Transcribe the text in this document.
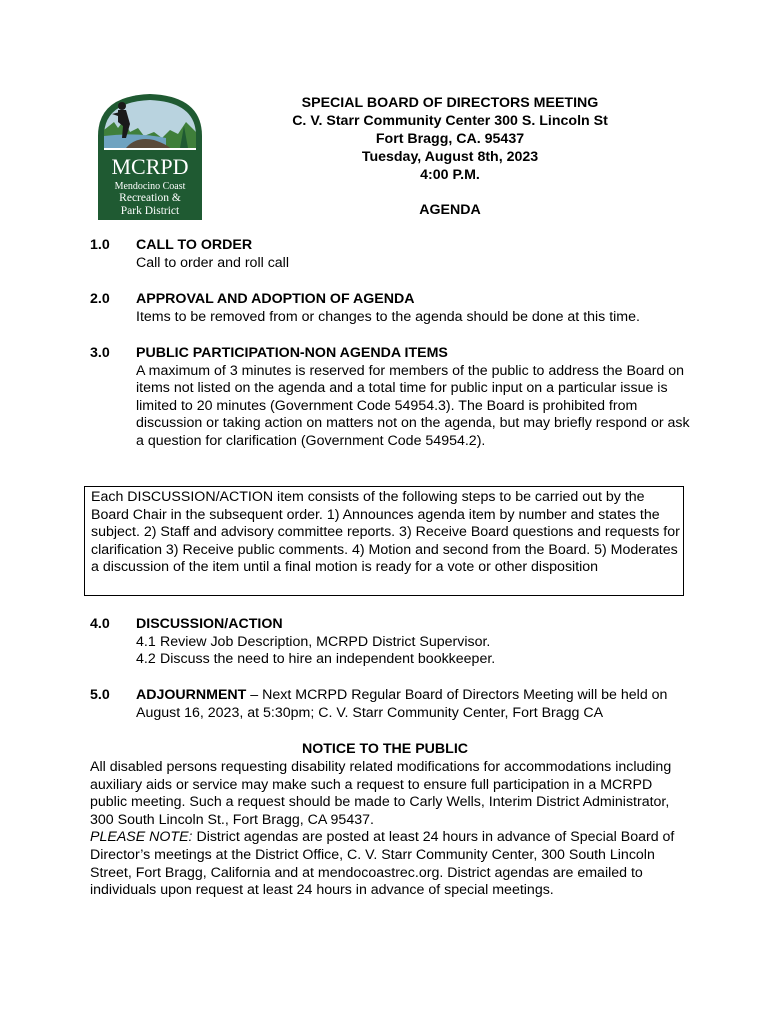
MCRPD
Mendocino Coast
Recreation &
Park District
SPECIAL BOARD OF DIRECTORS MEETING
C. V. Starr Community Center 300 S. Lincoln St
Fort Bragg, CA. 95437
Tuesday, August 8th, 2023
4:00 P.M.
AGENDA
1.0 CALL TO ORDER
Call to order and roll call
2.0 APPROVAL AND ADOPTION OF AGENDA
Items to be removed from or changes to the agenda should be done at this time.
3.0 PUBLIC PARTICIPATION-NON AGENDA ITEMS
A maximum of 3 minutes is reserved for members of the public to address the Board on items not listed on the agenda and a total time for public input on a particular issue is limited to 20 minutes (Government Code 54954.3). The Board is prohibited from discussion or taking action on matters not on the agenda, but may briefly respond or ask a question for clarification (Government Code 54954.2).
Each DISCUSSION/ACTION item consists of the following steps to be carried out by the Board Chair in the subsequent order. 1) Announces agenda item by number and states the subject. 2) Staff and advisory committee reports. 3) Receive Board questions and requests for clarification 3) Receive public comments. 4) Motion and second from the Board. 5) Moderates a discussion of the item until a final motion is ready for a vote or other disposition
4.0 DISCUSSION/ACTION
4.1 Review Job Description, MCRPD District Supervisor.
4.2 Discuss the need to hire an independent bookkeeper.
5.0 ADJOURNMENT – Next MCRPD Regular Board of Directors Meeting will be held on August 16, 2023, at 5:30pm; C. V. Starr Community Center, Fort Bragg CA
NOTICE TO THE PUBLIC
All disabled persons requesting disability related modifications for accommodations including auxiliary aids or service may make such a request to ensure full participation in a MCRPD public meeting. Such a request should be made to Carly Wells, Interim District Administrator, 300 South Lincoln St., Fort Bragg, CA 95437.
PLEASE NOTE: District agendas are posted at least 24 hours in advance of Special Board of Director’s meetings at the District Office, C. V. Starr Community Center, 300 South Lincoln Street, Fort Bragg, California and at mendocoastrec.org. District agendas are emailed to individuals upon request at least 24 hours in advance of special meetings.
